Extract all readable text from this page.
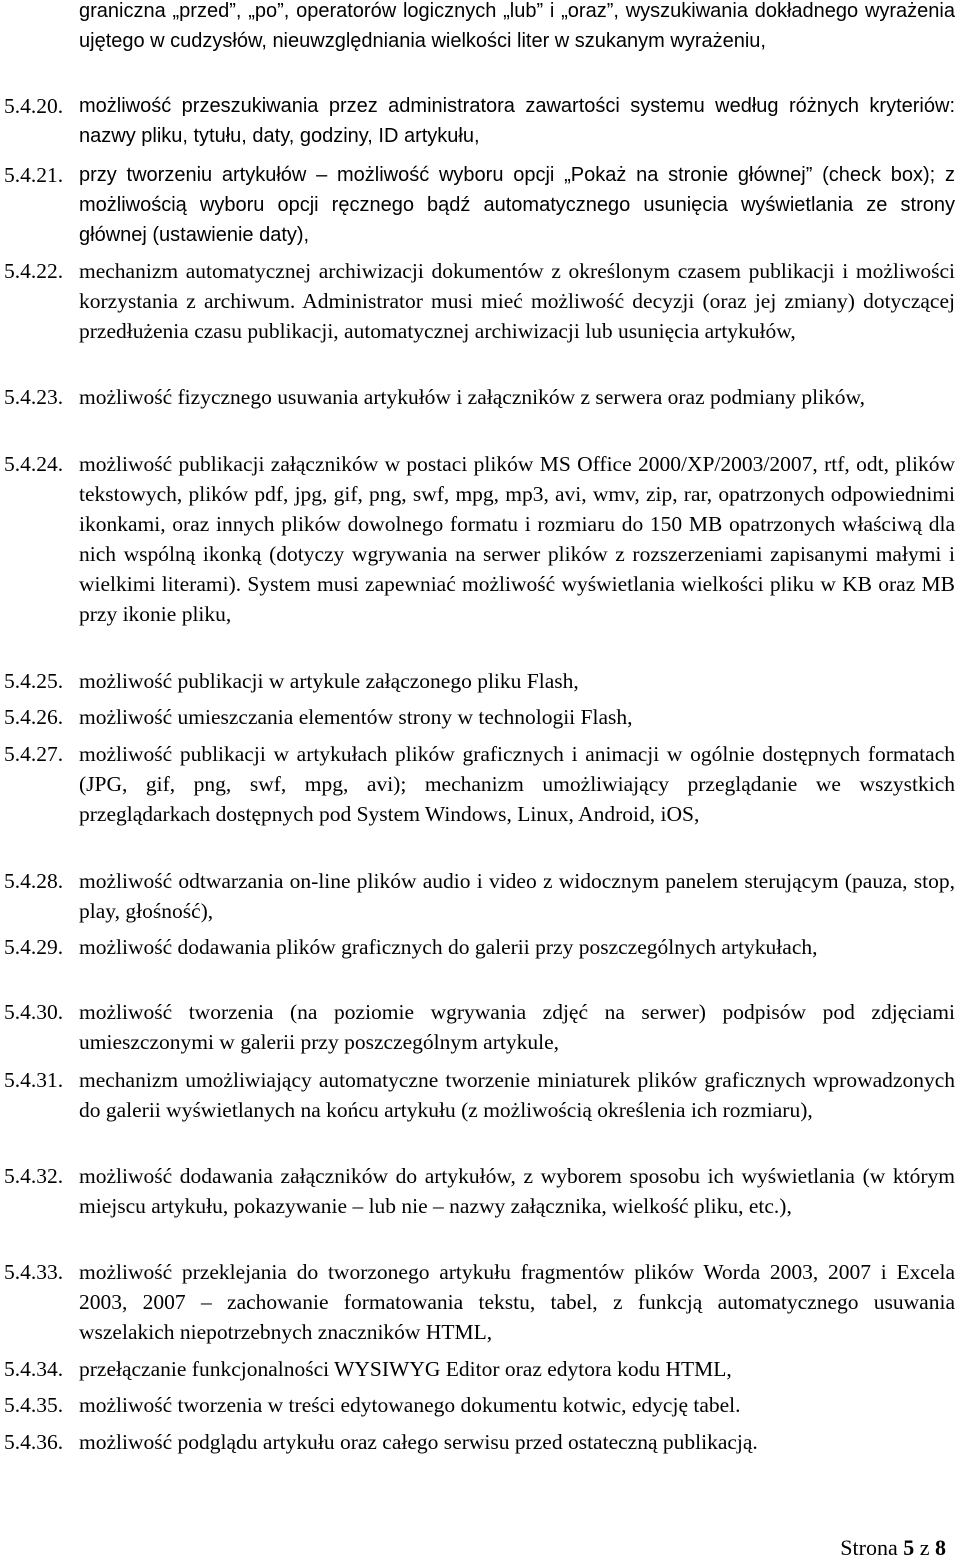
graniczna „przed”, „po”, operatorów logicznych „lub” i „oraz”, wyszukiwania dokładnego wyrażenia ujętego w cudzysłów, nieuwzględniania wielkości liter w szukanym wyrażeniu,
5.4.20. możliwość przeszukiwania przez administratora zawartości systemu według różnych kryteriów: nazwy pliku, tytułu, daty, godziny, ID artykułu,
5.4.21. przy tworzeniu artykułów – możliwość wyboru opcji „Pokaż na stronie głównej” (check box); z możliwością wyboru opcji ręcznego bądź automatycznego usunięcia wyświetlania ze strony głównej (ustawienie daty),
5.4.22. mechanizm automatycznej archiwizacji dokumentów z określonym czasem publikacji i możliwości korzystania z archiwum. Administrator musi mieć możliwość decyzji (oraz jej zmiany) dotyczącej przedłużenia czasu publikacji, automatycznej archiwizacji lub usunięcia artykułów,
5.4.23. możliwość fizycznego usuwania artykułów i załączników z serwera oraz podmiany plików,
5.4.24. możliwość publikacji załączników w postaci plików MS Office 2000/XP/2003/2007, rtf, odt, plików tekstowych, plików pdf, jpg, gif, png, swf, mpg, mp3, avi, wmv, zip, rar, opatrzonych odpowiednimi ikonkami, oraz innych plików dowolnego formatu i rozmiaru do 150 MB opatrzonych właściwą dla nich wspólną ikonką (dotyczy wgrywania na serwer plików z rozszerzeniami zapisanymi małymi i wielkimi literami). System musi zapewniać możliwość wyświetlania wielkości pliku w KB oraz MB przy ikonie pliku,
5.4.25. możliwość publikacji w artykule załączonego pliku Flash,
5.4.26. możliwość umieszczania elementów strony w technologii Flash,
5.4.27. możliwość publikacji w artykułach plików graficznych i animacji w ogólnie dostępnych formatach (JPG, gif, png, swf, mpg, avi); mechanizm umożliwiający przeglądanie we wszystkich przeglądarkach dostępnych pod System Windows, Linux, Android, iOS,
5.4.28. możliwość odtwarzania on-line plików audio i video z widocznym panelem sterującym (pauza, stop, play, głośność),
5.4.29. możliwość dodawania plików graficznych do galerii przy poszczególnych artykułach,
5.4.30. możliwość tworzenia (na poziomie wgrywania zdjęć na serwer) podpisów pod zdjęciami umieszczonymi w galerii przy poszczególnym artykule,
5.4.31. mechanizm umożliwiający automatyczne tworzenie miniaturek plików graficznych wprowadzonych do galerii wyświetlanych na końcu artykułu (z możliwością określenia ich rozmiaru),
5.4.32. możliwość dodawania załączników do artykułów, z wyborem sposobu ich wyświetlania (w którym miejscu artykułu, pokazywanie – lub nie – nazwy załącznika, wielkość pliku, etc.),
5.4.33. możliwość przeklejania do tworzonego artykułu fragmentów plików Worda 2003, 2007 i Excela 2003, 2007 – zachowanie formatowania tekstu, tabel, z funkcją automatycznego usuwania wszelakich niepotrzebnych znaczników HTML,
5.4.34. przełączanie funkcjonalności WYSIWYG Editor oraz edytora kodu HTML,
5.4.35. możliwość tworzenia w treści edytowanego dokumentu kotwic, edycję tabel.
5.4.36. możliwość podglądu artykułu oraz całego serwisu przed ostateczną publikacją.
Strona 5 z 8
